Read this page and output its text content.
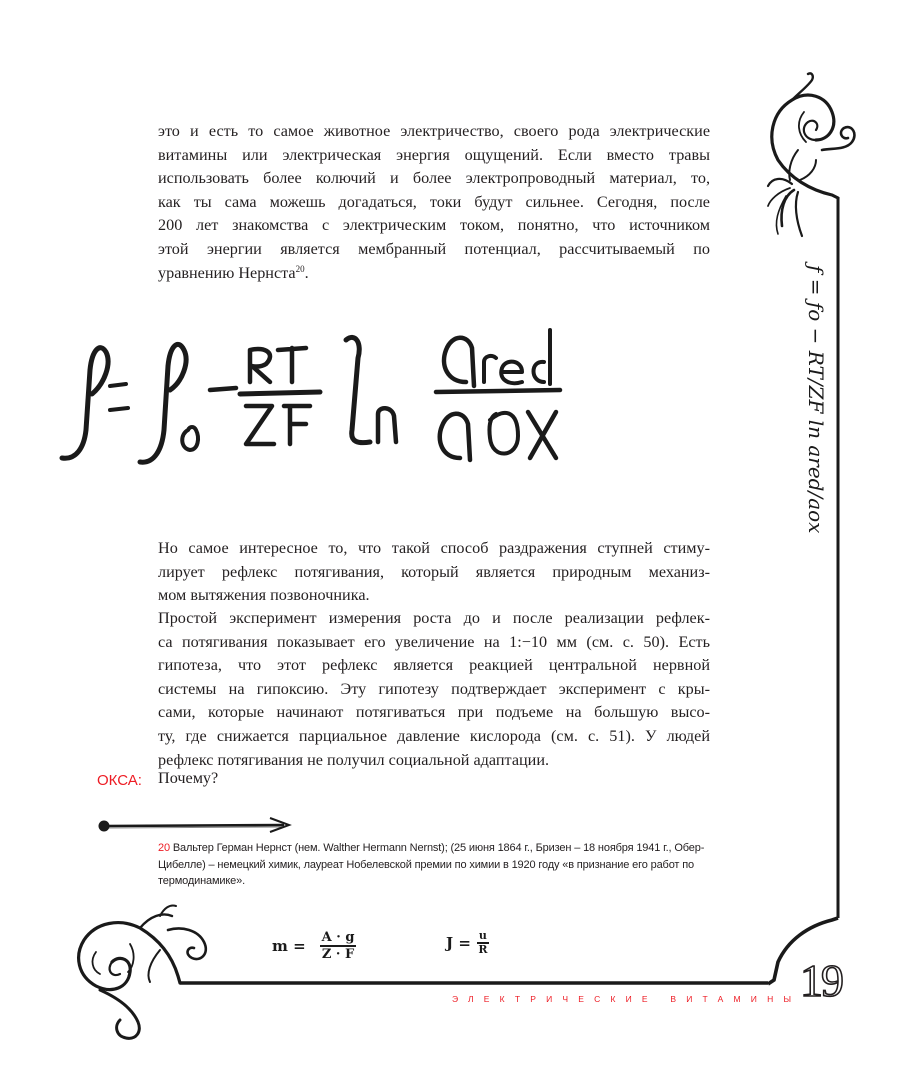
это и есть то самое животное электричество, своего рода электрические

витамины или электрическая энергия ощущений. Если вместо травы

использовать более колючий и более электропроводный материал, то,

как ты сама можешь догадаться, токи будут сильнее. Сегодня, после

200 лет знакомства с электрическим током, понятно, что источником

этой энергии является мембранный потенциал, рассчитываемый по

уравнению Нернста$^{20}$.	ƒ = ƒo − RT/ZF ln ared/aox

Но самое интересное то, что такой способ раздражения ступней стиму-

лирует рефлекс потягивания, который является природным механиз-

мом вытяжения позвоночника.

Простой эксперимент измерения роста до и после реализации рефлек-

са потягивания показывает его увеличение на 1:−10 мм (см. с. 50). Есть

гипотеза, что этот рефлекс является реакцией центральной нервной

системы на гипоксию. Эту гипотезу подтверждает эксперимент с кры-

сами, которые начинают потягиваться при подъеме на большую высо-

ту, где снижается парциальное давление кислорода (см. с. 51). У людей

рефлекс потягивания не получил социальной адаптации.

ОКСА: Почему?
20 Вальтер Герман Нернст (нем. Walther Hermann Nernst); (25 июня 1864 г., Бризен – 18 ноября 1941 г., Обер-Цибелле) – немецкий химик, лауреат Нобелевской премии по химии в 1920 году «в признание его работ по термодинамике».
$m = \frac{A \cdot g}{Z \cdot F}$	$J = \frac{u}{R}$
ЭЛЕКТРИЧЕСКИЕ ВИТАМИНЫ
19
